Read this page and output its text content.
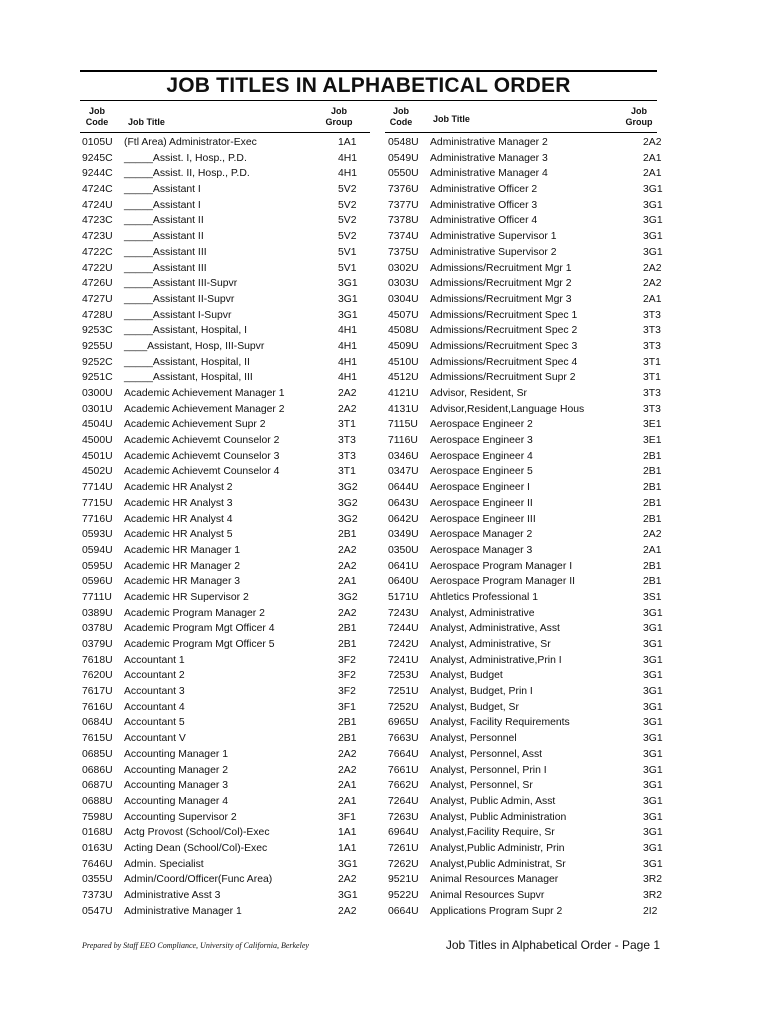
JOB TITLES IN ALPHABETICAL ORDER
Job Code	Job Title
Job Group
Job Code	Job Title
Job Group
0105U (Ftl Area) Administrator-Exec	1A1
9245C _____Assist. I, Hosp., P.D.	4H1
9244C _____Assist. II, Hosp., P.D.	4H1
4724C _____Assistant I	5V2
4724U _____Assistant I	5V2
4723C _____Assistant II	5V2
4723U _____Assistant II	5V2
4722C _____Assistant III	5V1
4722U _____Assistant III	5V1
4726U _____Assistant III-Supvr	3G1
4727U _____Assistant II-Supvr	3G1
4728U _____Assistant I-Supvr	3G1
9253C _____Assistant, Hospital, I	4H1
9255U ____Assistant, Hosp, III-Supvr	4H1
9252C _____Assistant, Hospital, II	4H1
9251C _____Assistant, Hospital, III	4H1
0300U Academic Achievement Manager 1	2A2
0301U Academic Achievement Manager 2	2A2
4504U Academic Achievement Supr 2	3T1
4500U Academic Achievemt Counselor 2	3T3
4501U Academic Achievemt Counselor 3	3T3
4502U Academic Achievemt Counselor 4	3T1
7714U Academic HR Analyst 2	3G2
7715U Academic HR Analyst 3	3G2
7716U Academic HR Analyst 4	3G2
0593U Academic HR Analyst 5	2B1
0594U Academic HR Manager 1	2A2
0595U Academic HR Manager 2	2A2
0596U Academic HR Manager 3	2A1
7711U Academic HR Supervisor 2	3G2
0389U Academic Program Manager 2	2A2
0378U Academic Program Mgt Officer 4	2B1
0379U Academic Program Mgt Officer 5	2B1
7618U Accountant 1	3F2
7620U Accountant 2	3F2
7617U Accountant 3	3F2
7616U Accountant 4	3F1
0684U Accountant 5	2B1
7615U Accountant V	2B1
0685U Accounting Manager 1	2A2
0686U Accounting Manager 2	2A2
0687U Accounting Manager 3	2A1
0688U Accounting Manager 4	2A1
7598U Accounting Supervisor 2	3F1
0168U Actg Provost (School/Col)-Exec	1A1
0163U Acting Dean (School/Col)-Exec	1A1
7646U Admin. Specialist	3G1
0355U Admin/Coord/Officer(Func Area)	2A2
7373U Administrative Asst 3	3G1
0547U Administrative Manager 1	2A2
0548U Administrative Manager 2	2A2
0549U Administrative Manager 3	2A1
0550U Administrative Manager 4	2A1
7376U Administrative Officer 2	3G1
7377U Administrative Officer 3	3G1
7378U Administrative Officer 4	3G1
7374U Administrative Supervisor 1	3G1
7375U Administrative Supervisor 2	3G1
0302U Admissions/Recruitment Mgr 1	2A2
0303U Admissions/Recruitment Mgr 2	2A2
0304U Admissions/Recruitment Mgr 3	2A1
4507U Admissions/Recruitment Spec 1	3T3
4508U Admissions/Recruitment Spec 2	3T3
4509U Admissions/Recruitment Spec 3	3T3
4510U Admissions/Recruitment Spec 4	3T1
4512U Admissions/Recruitment Supr 2	3T1
4121U Advisor, Resident, Sr	3T3
4131U Advisor,Resident,Language Hous	3T3
7115U Aerospace Engineer 2	3E1
7116U Aerospace Engineer 3	3E1
0346U Aerospace Engineer 4	2B1
0347U Aerospace Engineer 5	2B1
0644U Aerospace Engineer I	2B1
0643U Aerospace Engineer II	2B1
0642U Aerospace Engineer III	2B1
0349U Aerospace Manager 2	2A2
0350U Aerospace Manager 3	2A1
0641U Aerospace Program Manager I	2B1
0640U Aerospace Program Manager II	2B1
5171U Ahtletics Professional 1	3S1
7243U Analyst, Administrative	3G1
7244U Analyst, Administrative, Asst	3G1
7242U Analyst, Administrative, Sr	3G1
7241U Analyst, Administrative,Prin I	3G1
7253U Analyst, Budget	3G1
7251U Analyst, Budget, Prin I	3G1
7252U Analyst, Budget, Sr	3G1
6965U Analyst, Facility Requirements	3G1
7663U Analyst, Personnel	3G1
7664U Analyst, Personnel, Asst	3G1
7661U Analyst, Personnel, Prin I	3G1
7662U Analyst, Personnel, Sr	3G1
7264U Analyst, Public Admin, Asst	3G1
7263U Analyst, Public Administration	3G1
6964U Analyst,Facility Require, Sr	3G1
7261U Analyst,Public Administr, Prin	3G1
7262U Analyst,Public Administrat, Sr	3G1
9521U Animal Resources Manager	3R2
9522U Animal Resources Supvr	3R2
0664U Applications Program Supr 2	2I2
Prepared by Staff EEO Compliance, University of California, Berkeley	Job Titles in Alphabetical Order - Page 1
